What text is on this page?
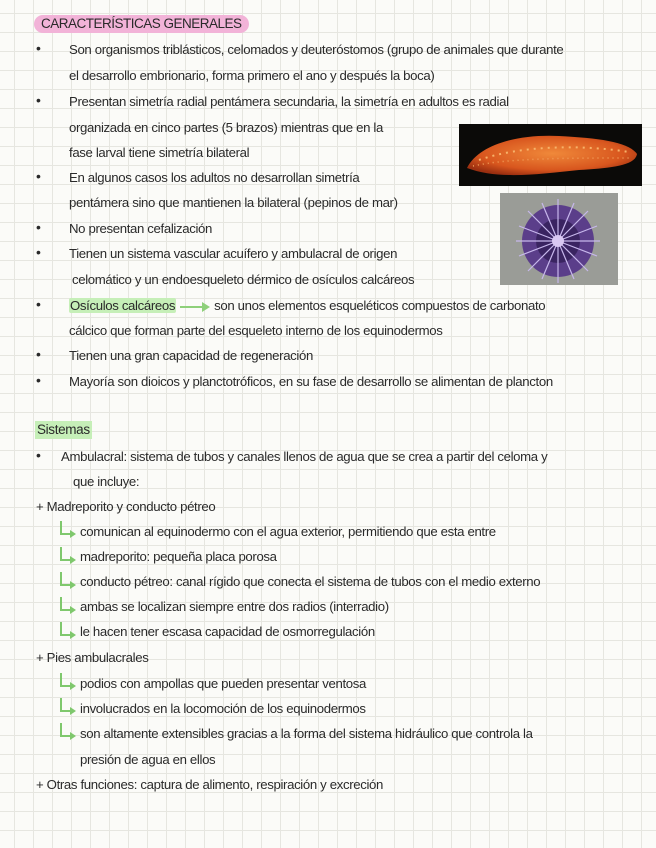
CARACTERÍSTICAS GENERALES
•
•
•
•
•
•
•
•
•
Son organismos triblásticos, celomados y deuteróstomos (grupo de animales que durante
el desarrollo embrionario, forma primero el ano y después la boca)
Presentan simetría radial pentámera secundaria, la simetría en adultos es radial
organizada en cinco partes (5 brazos) mientras que en la
fase larval tiene simetría bilateral
En algunos casos los adultos no desarrollan simetría
pentámera sino que mantienen la bilateral (pepinos de mar)
No presentan cefalización
Tienen un sistema vascular acuífero y ambulacral de origen
celomático y un endoesqueleto dérmico de osículos calcáreos
Osículos calcáreos	son unos elementos esqueléticos compuestos de carbonato
cálcico que forman parte del esqueleto interno de los equinodermos
Tienen una gran capacidad de regeneración
Mayoría son dioicos y planctotróficos, en su fase de desarrollo se alimentan de plancton
Sistemas
Ambulacral: sistema de tubos y canales llenos de agua que se crea a partir del celoma y
que incluye:
+ Madreporito y conducto pétreo
comunican al equinodermo con el agua exterior, permitiendo que esta entre
madreporito: pequeña placa porosa
conducto pétreo: canal rígido que conecta el sistema de tubos con el medio externo
ambas se localizan siempre entre dos radios (interradio)
le hacen tener escasa capacidad de osmorregulación
+ Pies ambulacrales
podios con ampollas que pueden presentar ventosa
involucrados en la locomoción de los equinodermos
son altamente extensibles gracias a la forma del sistema hidráulico que controla la
presión de agua en ellos
+ Otras funciones: captura de alimento, respiración y excreción
